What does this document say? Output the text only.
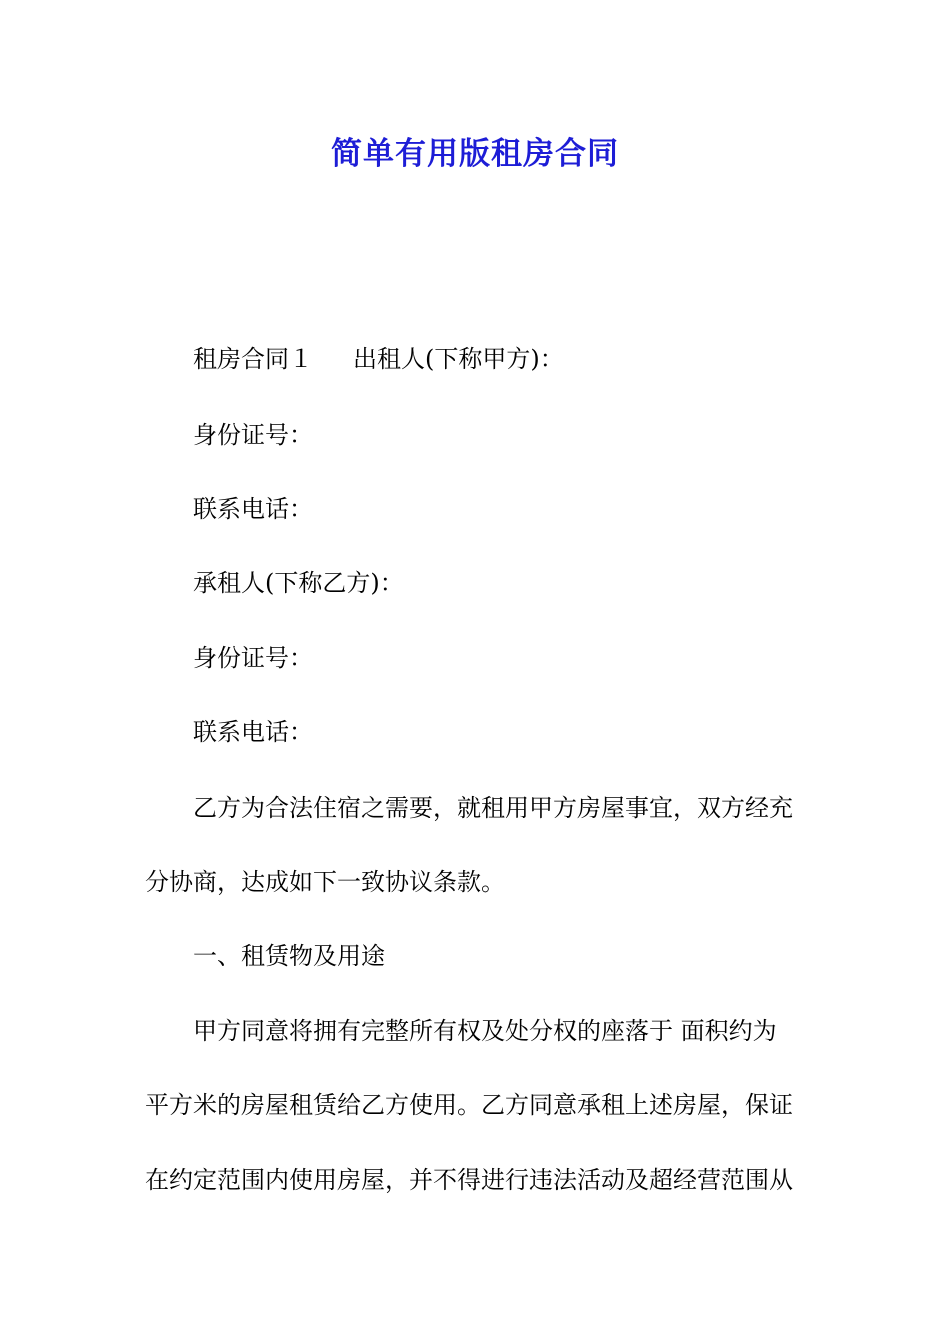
简单有用版租房合同

租房合同１ 出租人(下称甲方)：

身份证号：

联系电话：

承租人(下称乙方)：

身份证号：

联系电话：

乙方为合法住宿之需要，就租用甲方房屋事宜，双方经充

分协商，达成如下一致协议条款。

一、租赁物及用途

甲方同意将拥有完整所有权及处分权的座落于 面积约为

平方米的房屋租赁给乙方使用。乙方同意承租上述房屋，保证

在约定范围内使用房屋，并不得进行违法活动及超经营范围从
